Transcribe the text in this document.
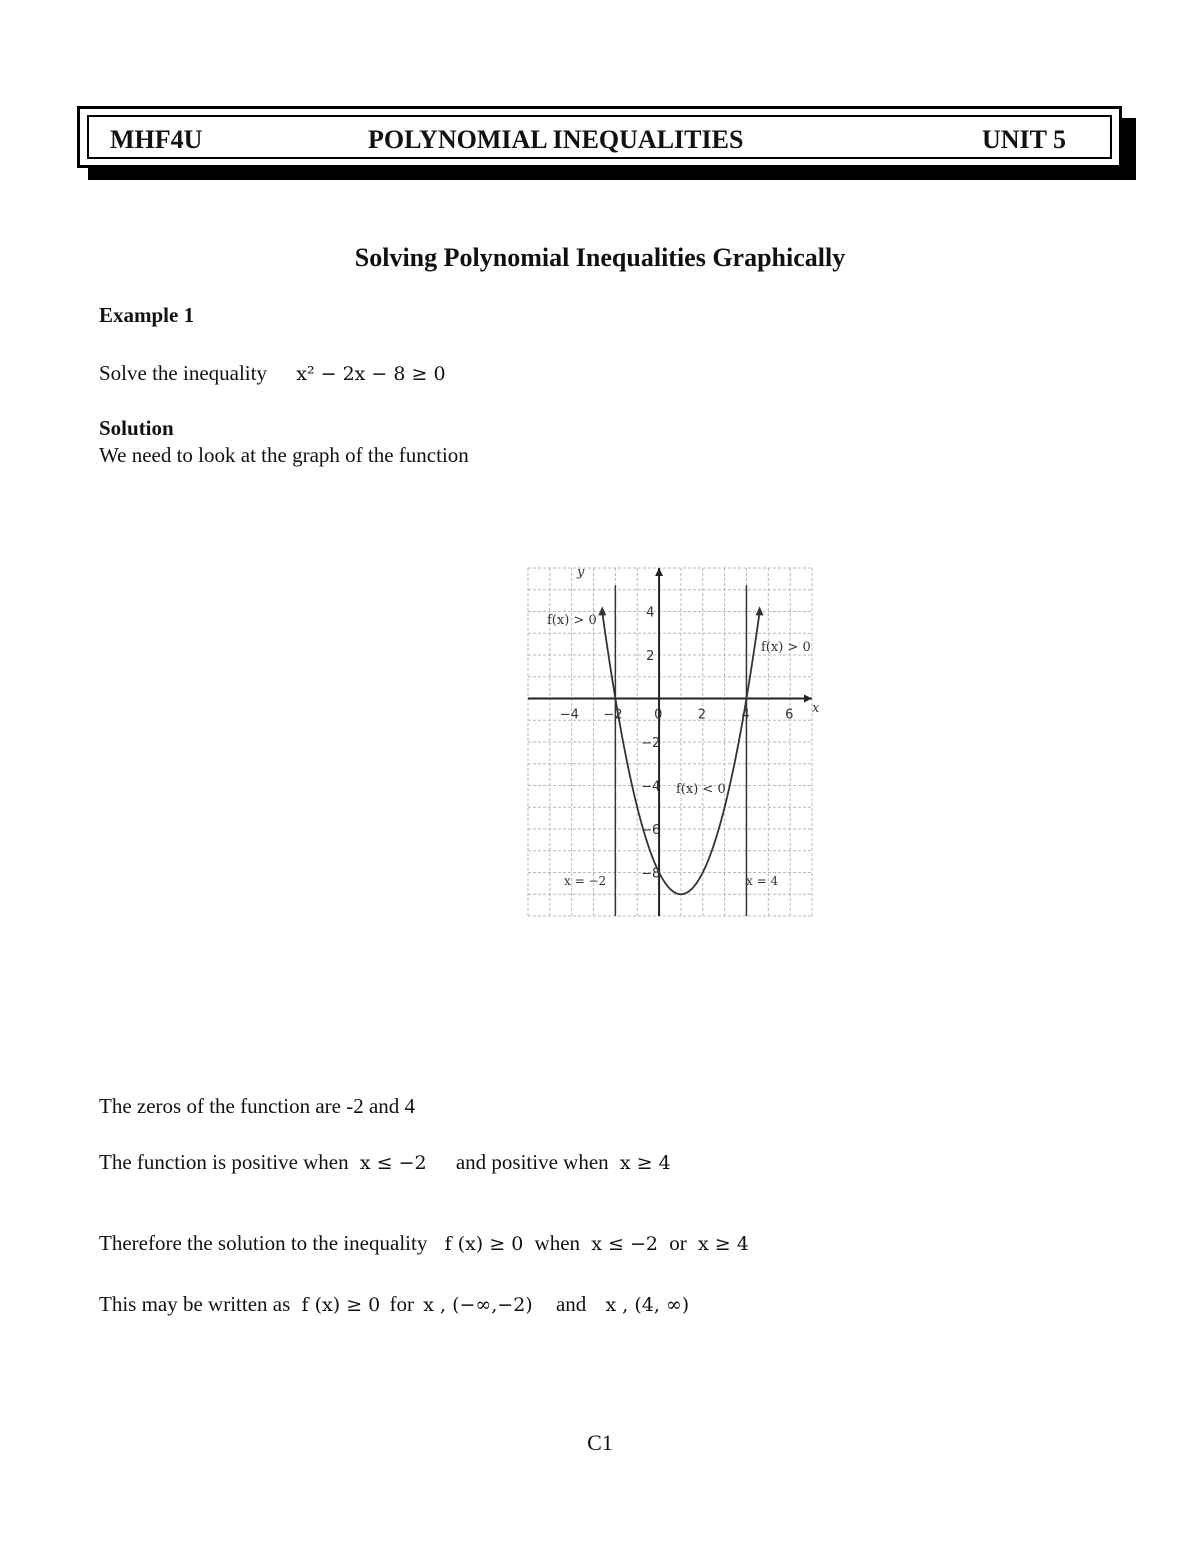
MHF4U	POLYNOMIAL INEQUALITIES	UNIT 5
Solving Polynomial Inequalities Graphically
Example 1
Solve the inequality x² − 2x − 8 ≥ 0
Solution
We need to look at the graph of the function
−4 −2 0	2	4	6
4
2
−2
−4
−6
−8
y
x
f(x) > 0
f(x) > 0
f(x) < 0
x = −2	x = 4
The zeros of the function are -2 and 4
The function is positive when x ≤ −2 and positive when x ≥ 4
Therefore the solution to the inequality f (x) ≥ 0 when x ≤ −2 or x ≥ 4
This may be written as f (x) ≥ 0 for x , (−∞,−2) and x , (4, ∞)
C1
